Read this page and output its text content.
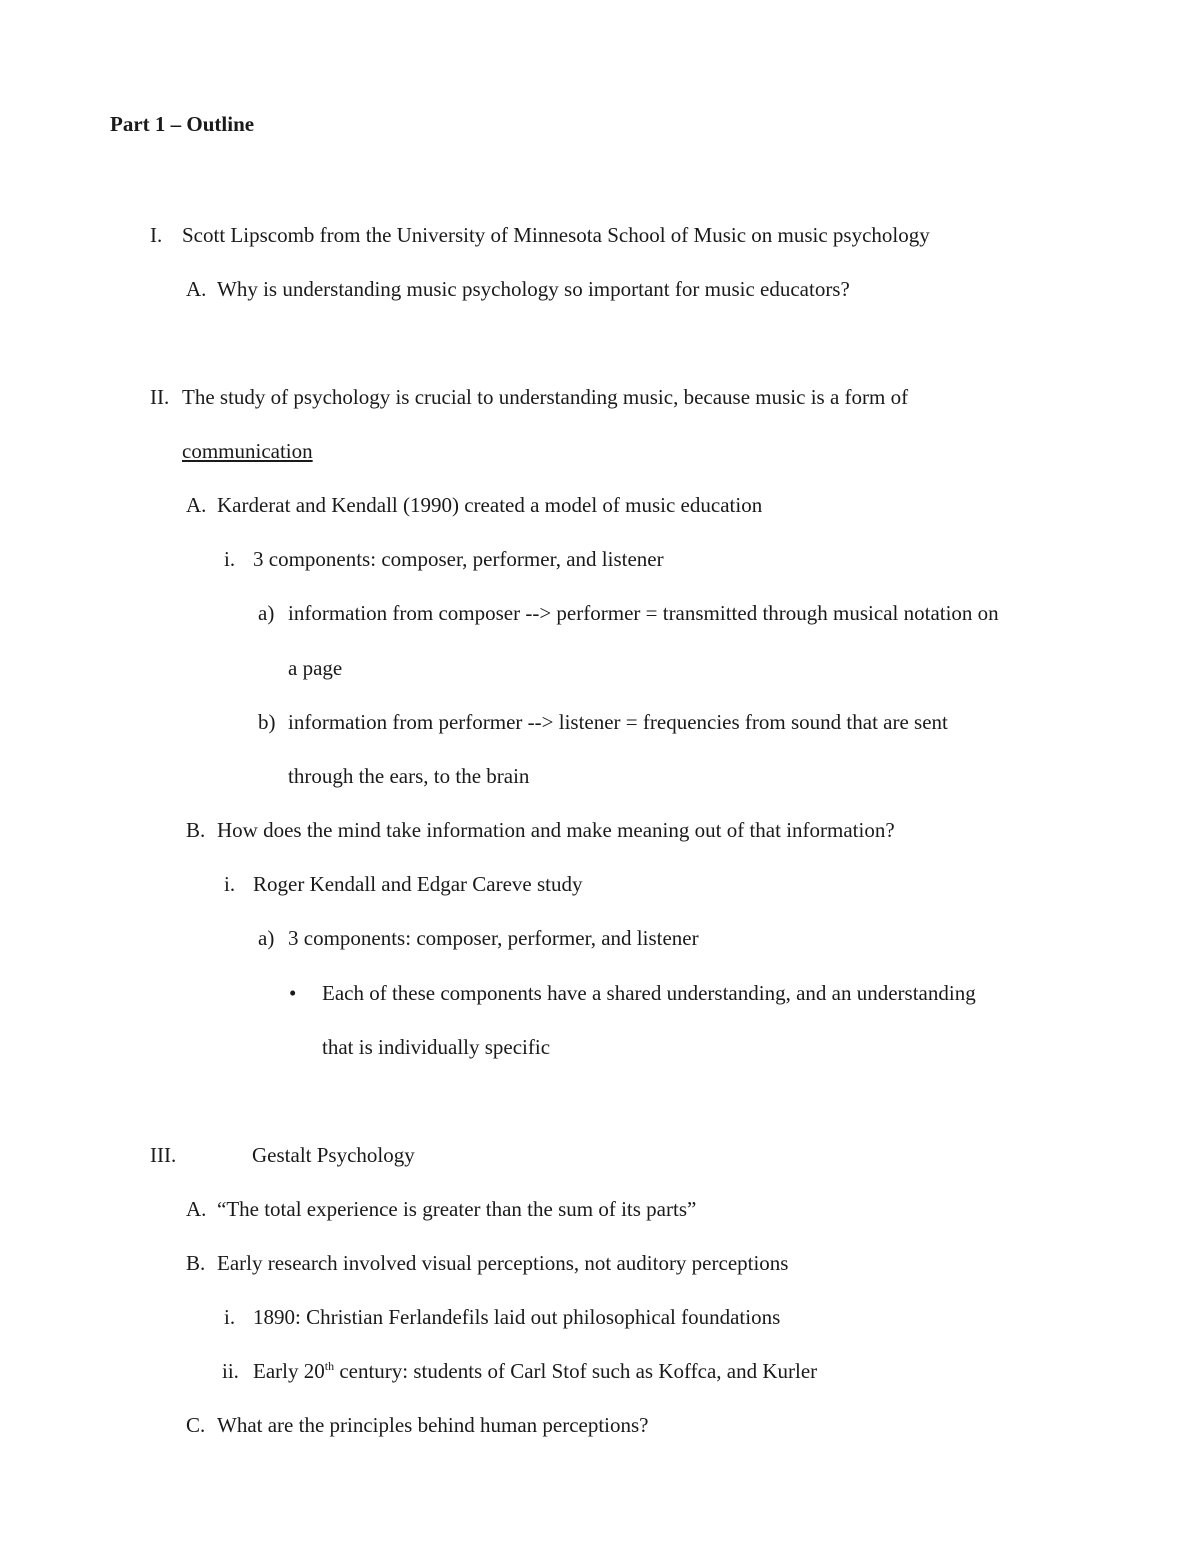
Part 1 – Outline
I. Scott Lipscomb from the University of Minnesota School of Music on music psychology
A. Why is understanding music psychology so important for music educators?
II. The study of psychology is crucial to understanding music, because music is a form of
communication
A. Karderat and Kendall (1990) created a model of music education
i. 3 components: composer, performer, and listener
a) information from composer --> performer = transmitted through musical notation on
a page
b) information from performer --> listener = frequencies from sound that are sent
through the ears, to the brain
B. How does the mind take information and make meaning out of that information?
i. Roger Kendall and Edgar Careve study
a) 3 components: composer, performer, and listener
• Each of these components have a shared understanding, and an understanding
that is individually specific
III.	Gestalt Psychology
A. “The total experience is greater than the sum of its parts”
B. Early research involved visual perceptions, not auditory perceptions
i. 1890: Christian Ferlandefils laid out philosophical foundations
ii. Early 20th century: students of Carl Stof such as Koffca, and Kurler
C. What are the principles behind human perceptions?
